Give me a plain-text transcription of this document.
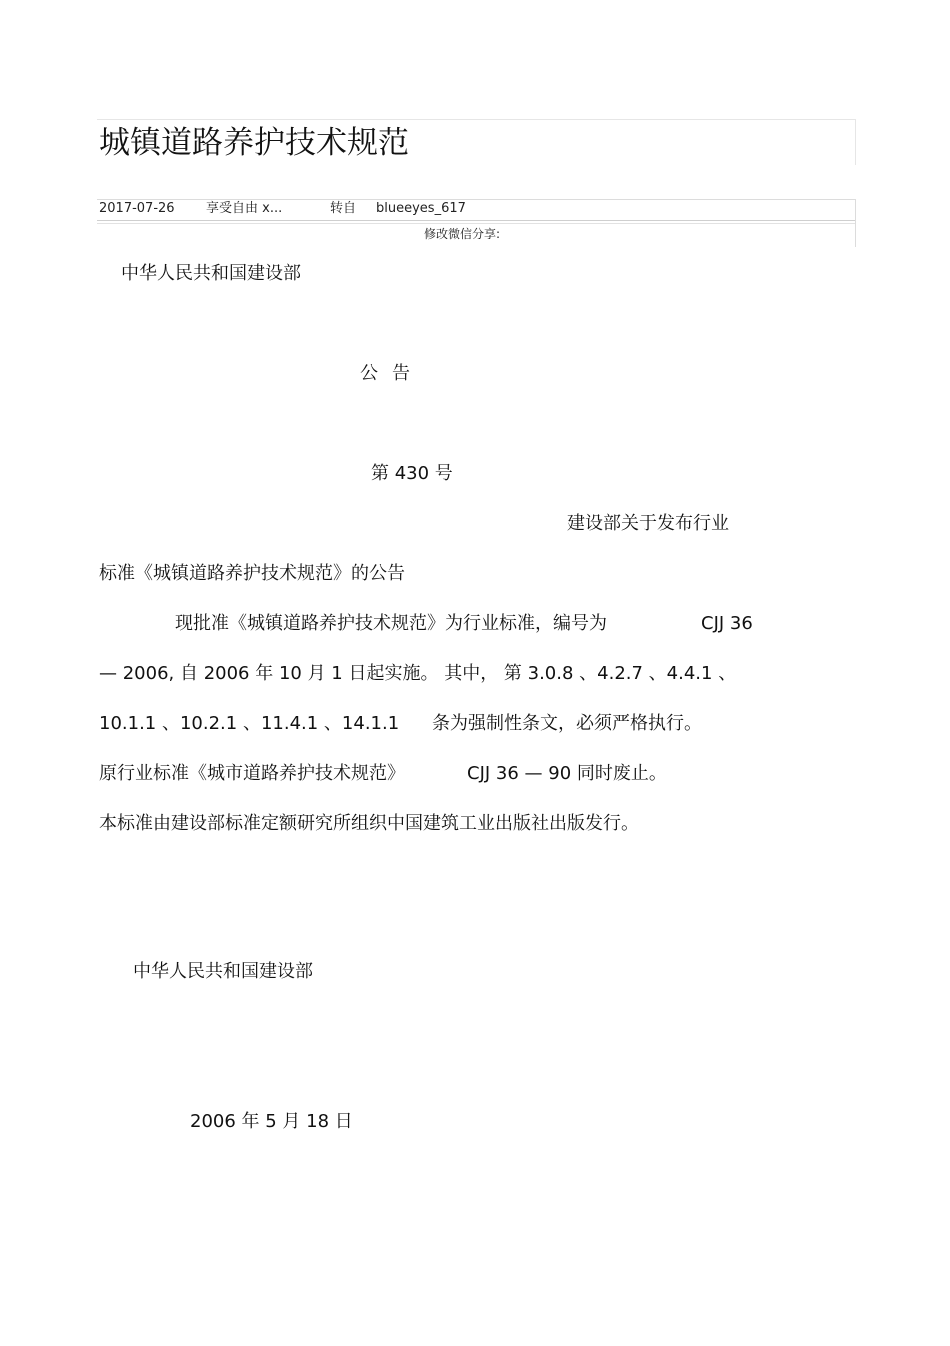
城镇道路养护技术规范
2017-07-26 享受自由 x...	转自 blueeyes_617
修改微信分享:
中华人民共和国建设部
公告
第 430 号
建设部关于发布行业
标准《城镇道路养护技术规范》的公告
现批准《城镇道路养护技术规范》为行业标准，编号为	CJJ 36
— 2006, 自 2006 年 10 月 1 日起实施。 其中， 第 3.0.8 、4.2.7 、4.4.1 、
10.1.1 、10.2.1 、11.4.1 、14.1.1 条为强制性条文，必须严格执行。
原行业标准《城市道路养护技术规范》	CJJ 36 — 90 同时废止。
本标准由建设部标准定额研究所组织中国建筑工业出版社出版发行。
中华人民共和国建设部
2006 年 5 月 18 日
